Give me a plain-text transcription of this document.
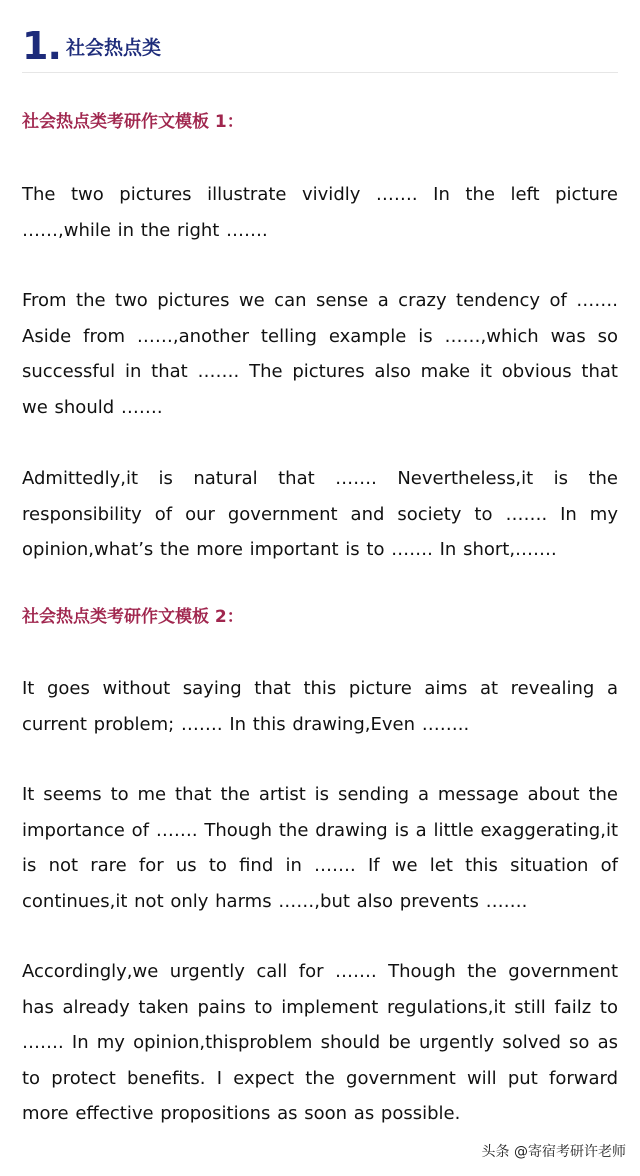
1. 社会热点类
社会热点类考研作文模板 1：

The two pictures illustrate vividly ……. In the left picture ……,while in the right …….

From the two pictures we can sense a crazy tendency of ……. Aside from ……,another telling example is ……,which was so successful in that ……. The pictures also make it obvious that we should …….

Admittedly,it is natural that ……. Nevertheless,it is the responsibility of our government and society to ……. In my opinion,what’s the more important is to ……. In short,…….

社会热点类考研作文模板 2：

It goes without saying that this picture aims at revealing a current problem; ……. In this drawing,Even ……..

It seems to me that the artist is sending a message about the importance of ……. Though the drawing is a little exaggerating,it is not rare for us to find in ……. If we let this situation of continues,it not only harms ……,but also prevents …….

Accordingly,we urgently call for ……. Though the government has already taken pains to implement regulations,it still failz to ……. In my opinion,thisproblem should be urgently solved so as to protect benefits. I expect the government will put forward more effective propositions as soon as possible.

头条 @寄宿考研许老师
